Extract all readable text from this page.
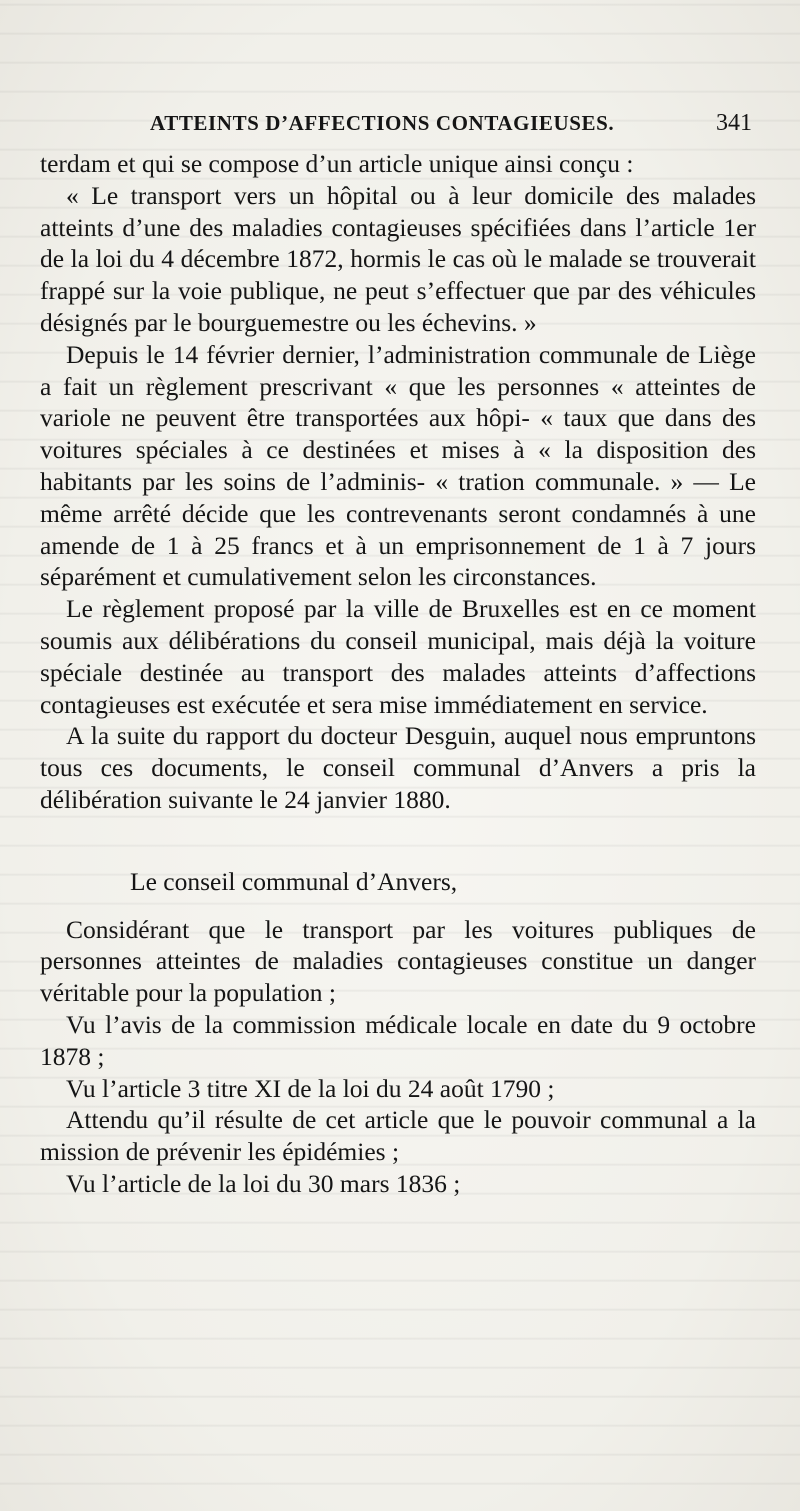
ATTEINTS D’AFFECTIONS CONTAGIEUSES.	341

terdam et qui se compose d’un article unique ainsi conçu :

« Le transport vers un hôpital ou à leur domicile des malades atteints d’une des maladies contagieuses spécifiées dans l’article 1er de la loi du 4 décembre 1872, hormis le cas où le malade se trouverait frappé sur la voie publique, ne peut s’effectuer que par des véhicules désignés par le bourguemestre ou les échevins. »

Depuis le 14 février dernier, l’administration communale de Liège a fait un règlement prescrivant « que les personnes « atteintes de variole ne peuvent être transportées aux hôpi- « taux que dans des voitures spéciales à ce destinées et mises à « la disposition des habitants par les soins de l’adminis- « tration communale. » — Le même arrêté décide que les contrevenants seront condamnés à une amende de 1 à 25 francs et à un emprisonnement de 1 à 7 jours séparément et cumulativement selon les circonstances.

Le règlement proposé par la ville de Bruxelles est en ce moment soumis aux délibérations du conseil municipal, mais déjà la voiture spéciale destinée au transport des malades atteints d’affections contagieuses est exécutée et sera mise immédiatement en service.

A la suite du rapport du docteur Desguin, auquel nous empruntons tous ces documents, le conseil communal d’Anvers a pris la délibération suivante le 24 janvier 1880.

Le conseil communal d’Anvers,

Considérant que le transport par les voitures publiques de personnes atteintes de maladies contagieuses constitue un danger véritable pour la population ;

Vu l’avis de la commission médicale locale en date du 9 octobre 1878 ;

Vu l’article 3 titre XI de la loi du 24 août 1790 ;

Attendu qu’il résulte de cet article que le pouvoir communal a la mission de prévenir les épidémies ;

Vu l’article de la loi du 30 mars 1836 ;
